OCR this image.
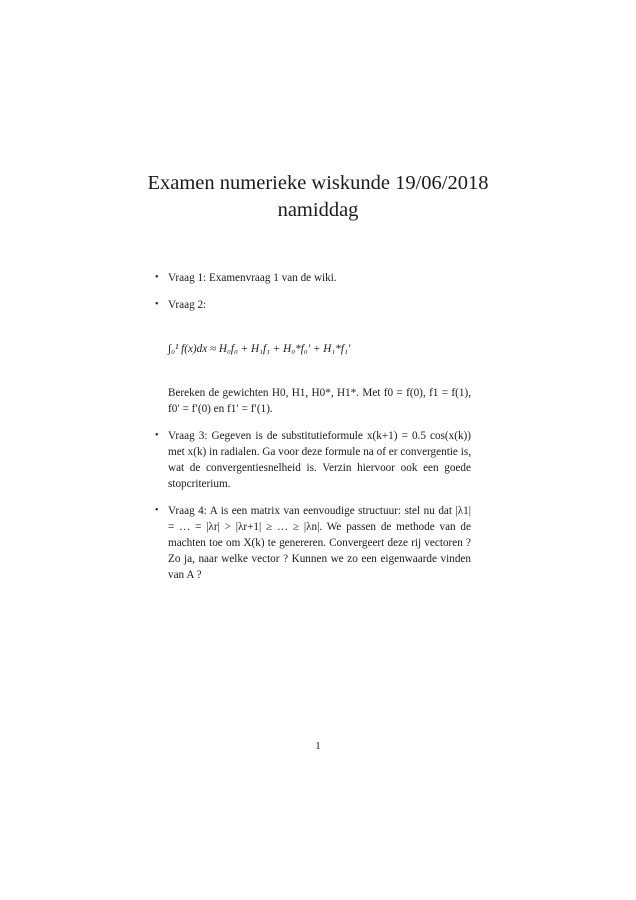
Examen numerieke wiskunde 19/06/2018
namiddag
• Vraag 1: Examenvraag 1 van de wiki.
• Vraag 2:
∫₀¹ f(x)dx ≈ H₀f₀ + H₁f₁ + H₀*f₀′ + H₁*f₁′
Bereken de gewichten H0, H1, H0*, H1*. Met f0 = f(0), f1 = f(1), f0′ = f′(0) en f1′ = f′(1).
• Vraag 3: Gegeven is de substitutieformule x(k+1) = 0.5 cos(x(k)) met x(k) in radialen. Ga voor deze formule na of er convergentie is, wat de convergentiesnelheid is. Verzin hiervoor ook een goede stopcriterium.
• Vraag 4: A is een matrix van eenvoudige structuur: stel nu dat |λ1| = … = |λr| > |λr+1| ≥ … ≥ |λn|. We passen de methode van de machten toe om X(k) te genereren. Convergeert deze rij vectoren ? Zo ja, naar welke vector ? Kunnen we zo een eigenwaarde vinden van A ?
1
